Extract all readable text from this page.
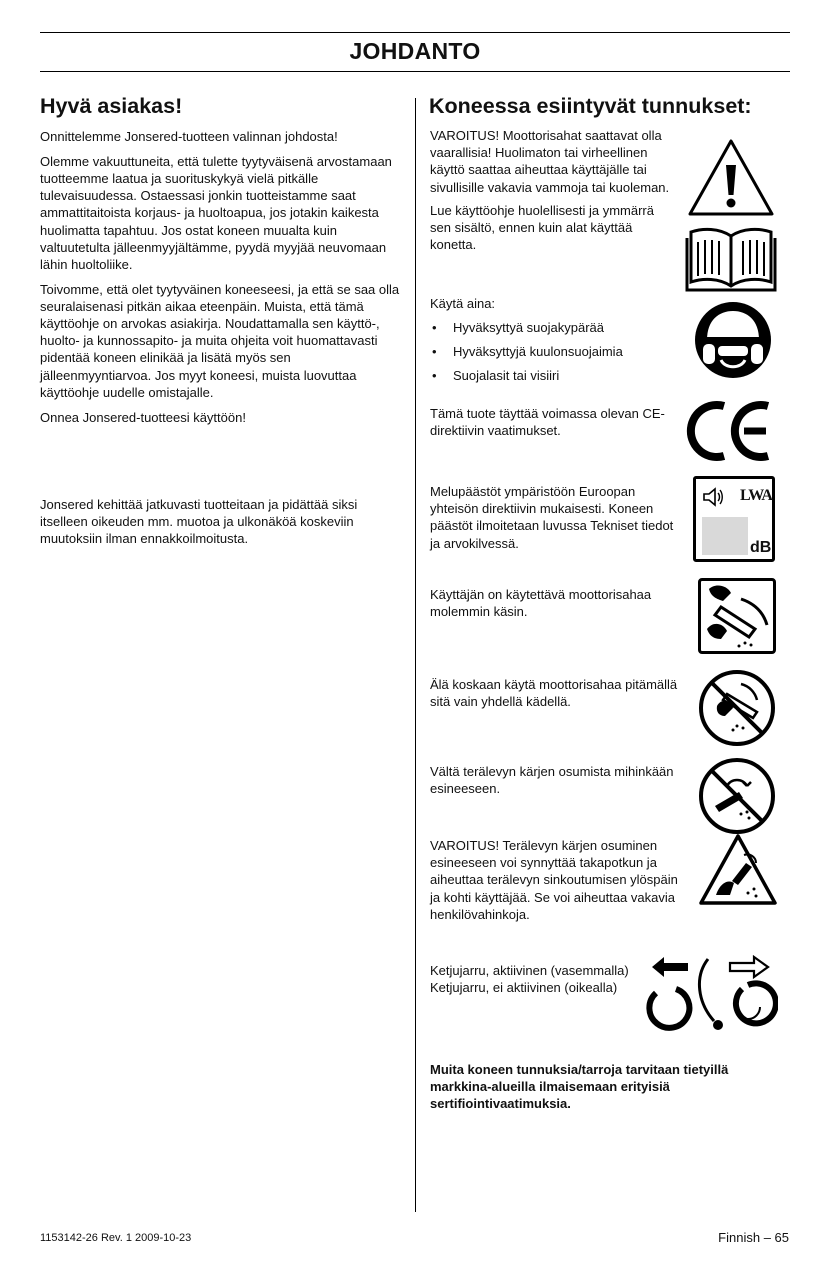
JOHDANTO
Hyvä asiakas!

Onnittelemme Jonsered-tuotteen valinnan johdosta!

Olemme vakuuttuneita, että tulette tyytyväisenä arvostamaan tuotteemme laatua ja suorituskykyä vielä pitkälle tulevaisuudessa. Ostaessasi jonkin tuotteistamme saat ammattitaitoista korjaus- ja huoltoapua, jos jotakin kaikesta huolimatta tapahtuu. Jos ostat koneen muualta kuin valtuutetulta jälleenmyyjältämme, pyydä myyjää neuvomaan lähin huoltoliike.

Toivomme, että olet tyytyväinen koneeseesi, ja että se saa olla seuralaisenasi pitkän aikaa eteenpäin. Muista, että tämä käyttöohje on arvokas asiakirja. Noudattamalla sen käyttö-, huolto- ja kunnossapito- ja muita ohjeita voit huomattavasti pidentää koneen elinikää ja lisätä myös sen jälleenmyyntiarvoa. Jos myyt koneesi, muista luovuttaa käyttöohje uudelle omistajalle.

Onnea Jonsered-tuotteesi käyttöön!

Jonsered kehittää jatkuvasti tuotteitaan ja pidättää siksi itselleen oikeuden mm. muotoa ja ulkonäköä koskeviin muutoksiin ilman ennakkoilmoitusta.

Koneessa esiintyvät tunnukset:

VAROITUS! Moottorisahat saattavat olla vaarallisia! Huolimaton tai virheellinen käyttö saattaa aiheuttaa käyttäjälle tai sivullisille vakavia vammoja tai kuoleman.

Lue käyttöohje huolellisesti ja ymmärrä sen sisältö, ennen kuin alat käyttää konetta.

Käytä aina:

• Hyväksyttyä suojakypärää
• Hyväksyttyjä kuulonsuojaimia
• Suojalasit tai visiiri

Tämä tuote täyttää voimassa olevan CE-direktiivin vaatimukset.

Melupäästöt ympäristöön Euroopan yhteisön direktiivin mukaisesti. Koneen päästöt ilmoitetaan luvussa Tekniset tiedot ja arvokilvessä.

LWA
dB

Käyttäjän on käytettävä moottorisahaa molemmin käsin.

Älä koskaan käytä moottorisahaa pitämällä sitä vain yhdellä kädellä.

Vältä terälevyn kärjen osumista mihinkään esineeseen.

VAROITUS! Terälevyn kärjen osuminen esineeseen voi synnyttää takapotkun ja aiheuttaa terälevyn sinkoutumisen ylöspäin ja kohti käyttäjää. Se voi aiheuttaa vakavia henkilövahinkoja.

Ketjujarru, aktiivinen (vasemmalla) Ketjujarru, ei aktiivinen (oikealla)

Muita koneen tunnuksia/tarroja tarvitaan tietyillä markkina-alueilla ilmaisemaan erityisiä sertifiointivaatimuksia.
1153142-26 Rev. 1 2009-10-23	Finnish – 65
